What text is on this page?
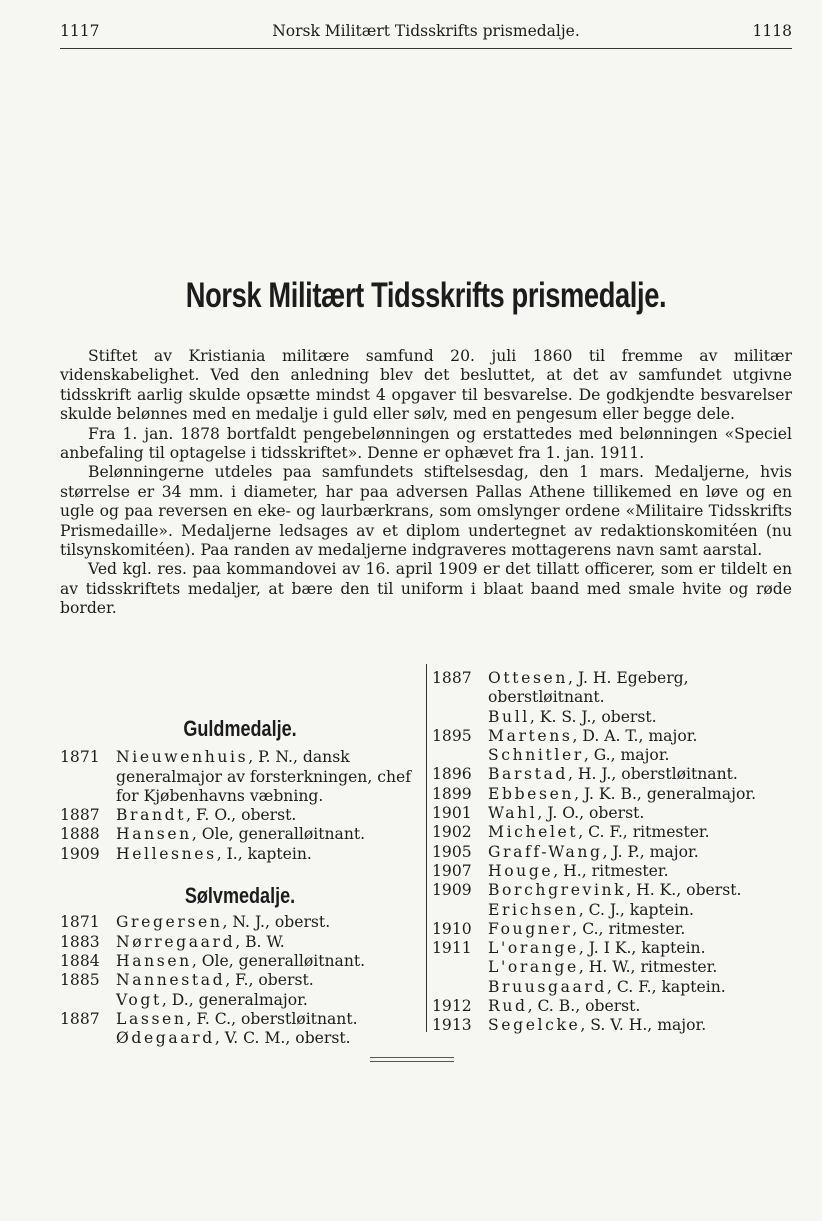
1117	Norsk Militært Tidsskrifts prismedalje.	1118
Norsk Militært Tidsskrifts prismedalje.

Stiftet av Kristiania militære samfund 20. juli 1860 til fremme av militær videnskabelighet. Ved den anledning blev det besluttet, at det av samfundet utgivne tidsskrift aarlig skulde opsætte mindst 4 opgaver til besvarelse. De godkjendte besvarelser skulde belønnes med en medalje i guld eller sølv, med en pengesum eller begge dele.

Fra 1. jan. 1878 bortfaldt pengebelønningen og erstattedes med belønningen «Speciel anbefaling til optagelse i tidsskriftet». Denne er ophævet fra 1. jan. 1911.

Belønningerne utdeles paa samfundets stiftelsesdag, den 1 mars. Medaljerne, hvis størrelse er 34 mm. i diameter, har paa adversen Pallas Athene tillikemed en løve og en ugle og paa reversen en eke- og laurbærkrans, som omslynger ordene «Militaire Tidsskrifts Prismedaille». Medaljerne ledsages av et diplom undertegnet av redaktionskomitéen (nu tilsynskomitéen). Paa randen av medaljerne indgraveres mottagerens navn samt aarstal.

Ved kgl. res. paa kommandovei av 16. april 1909 er det tillatt officerer, som er tildelt en av tidsskriftets medaljer, at bære den til uniform i blaat baand med smale hvite og røde border.

Guldmedalje.
1871	Nieuwenhuis, P. N., dansk generalmajor av forsterkningen, chef for Kjøbenhavns væbning.
1887	Brandt, F. O., oberst.
1888	Hansen, Ole, generalløitnant.
1909	Hellesnes, I., kaptein.
Sølvmedalje.
1871	Gregersen, N. J., oberst.
1883	Nørregaard, B. W.
1884	Hansen, Ole, generalløitnant.
1885	Nannestad, F., oberst.
Vogt, D., generalmajor.
1887	Lassen, F. C., oberstløitnant.
Ødegaard, V. C. M., oberst.
1887	Ottesen, J. H. Egeberg, oberstløitnant.
Bull, K. S. J., oberst.
1895	Martens, D. A. T., major.
Schnitler, G., major.
1896	Barstad, H. J., oberstløitnant.
1899	Ebbesen, J. K. B., generalmajor.
1901	Wahl, J. O., oberst.
1902	Michelet, C. F., ritmester.
1905	Graff-Wang, J. P., major.
1907	Houge, H., ritmester.
1909	Borchgrevink, H. K., oberst.
Erichsen, C. J., kaptein.
1910	Fougner, C., ritmester.
1911	L'orange, J. I K., kaptein.
L'orange, H. W., ritmester.
Bruusgaard, C. F., kaptein.
1912	Rud, C. B., oberst.
1913	Segelcke, S. V. H., major.
